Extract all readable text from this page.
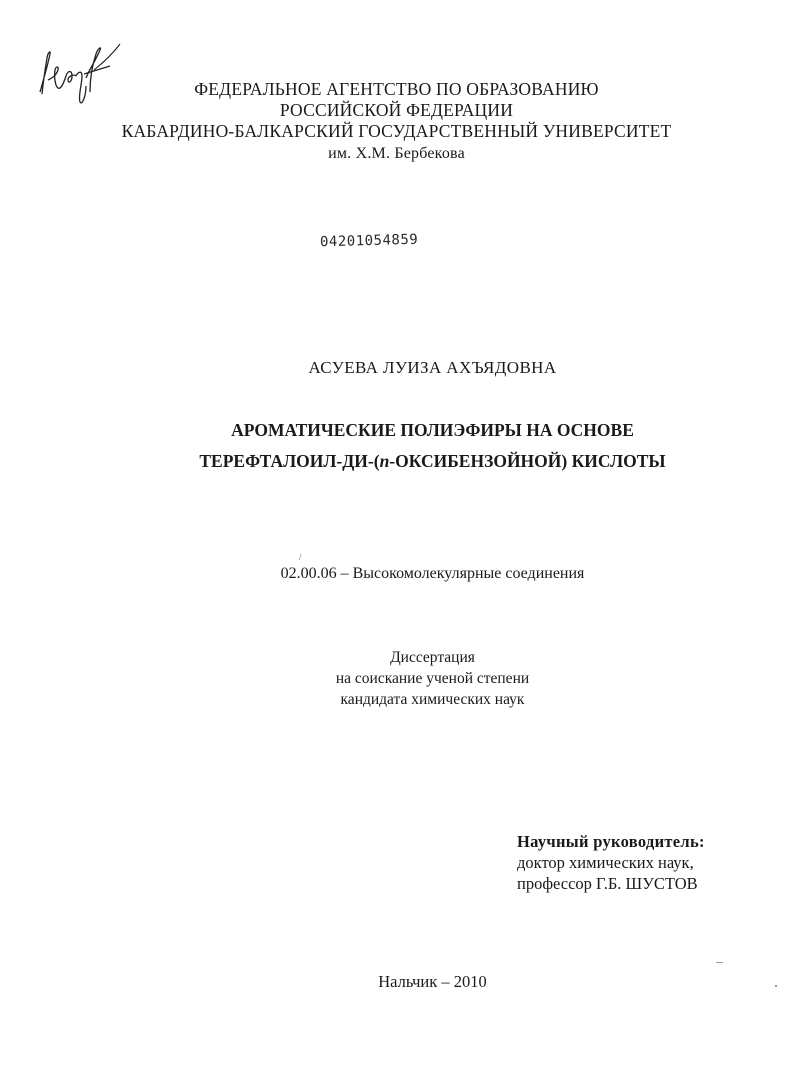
ФЕДЕРАЛЬНОЕ АГЕНТСТВО ПО ОБРАЗОВАНИЮ
РОССИЙСКОЙ ФЕДЕРАЦИИ
КАБАРДИНО-БАЛКАРСКИЙ ГОСУДАРСТВЕННЫЙ УНИВЕРСИТЕТ
им. Х.М. Бербекова
04201054859
АСУЕВА ЛУИЗА АХЪЯДОВНА
АРОМАТИЧЕСКИЕ ПОЛИЭФИРЫ НА ОСНОВЕ
ТЕРЕФТАЛОИЛ-ДИ-(n-ОКСИБЕНЗОЙНОЙ) КИСЛОТЫ
/
02.00.06 – Высокомолекулярные соединения
Диссертация
на соискание ученой степени
кандидата химических наук
Научный руководитель:
доктор химических наук,
профессор Г.Б. ШУСТОВ
Нальчик – 2010
